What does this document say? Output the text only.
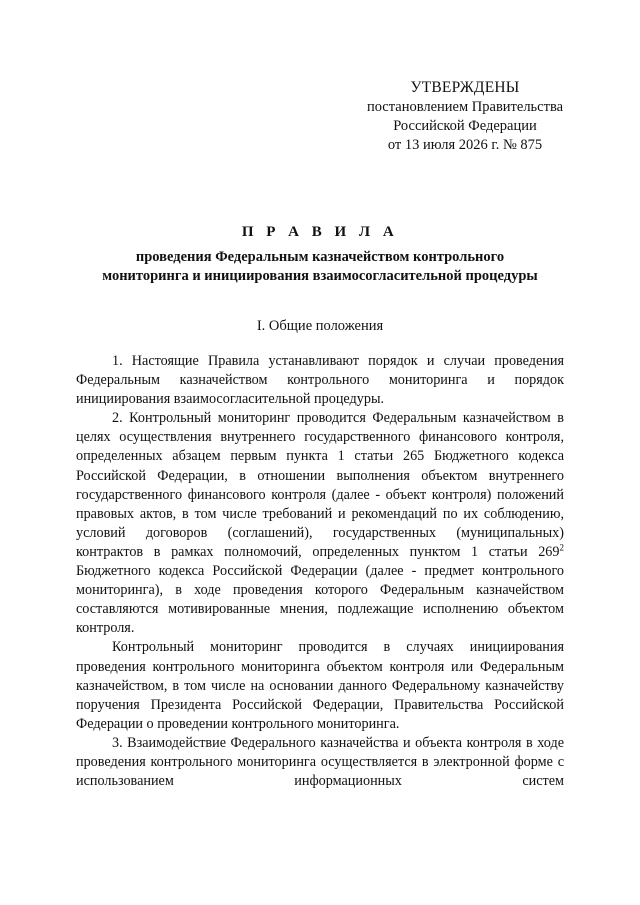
УТВЕРЖДЕНЫ
постановлением Правительства
Российской Федерации
от 13 июля 2026 г. № 875
П Р А В И Л А
проведения Федеральным казначейством контрольного
мониторинга и инициирования взаимосогласительной процедуры
I. Общие положения

1. Настоящие Правила устанавливают порядок и случаи проведения Федеральным казначейством контрольного мониторинга и порядок инициирования взаимосогласительной процедуры.

2. Контрольный мониторинг проводится Федеральным казначейством в целях осуществления внутреннего государственного финансового контроля, определенных абзацем первым пункта 1 статьи 265 Бюджетного кодекса Российской Федерации, в отношении выполнения объектом внутреннего государственного финансового контроля (далее - объект контроля) положений правовых актов, в том числе требований и рекомендаций по их соблюдению, условий договоров (соглашений), государственных (муниципальных) контрактов в рамках полномочий, определенных пунктом 1 статьи $269^2$ Бюджетного кодекса Российской Федерации (далее - предмет контрольного мониторинга), в ходе проведения которого Федеральным казначейством составляются мотивированные мнения, подлежащие исполнению объектом контроля.

Контрольный мониторинг проводится в случаях инициирования проведения контрольного мониторинга объектом контроля или Федеральным казначейством, в том числе на основании данного Федеральному казначейству поручения Президента Российской Федерации, Правительства Российской Федерации о проведении контрольного мониторинга.

3. Взаимодействие Федерального казначейства и объекта контроля в ходе проведения контрольного мониторинга осуществляется в электронной форме с использованием информационных систем
